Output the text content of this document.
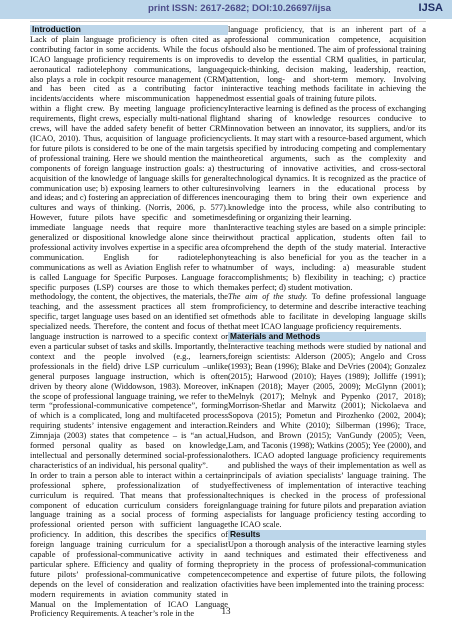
print ISSN: 2617-2682; DOI:10.26697/ijsa	IJSA
Introduction

Lack of plain language proficiency is often cited as a contributing factor in some accidents. While the focus of ICAO language proficiency requirements is on improved aeronautical radiotelephony communications, language also plays a role in cockpit resource management (CRM) and has been cited as a contributing factor in incidents/accidents where miscommunication happened within a flight crew. By meeting language proficiency requirements, flight crews, especially multi-national flight crews, will have the added safety benefit of better CRM (ICAO, 2010). Thus, acquisition of language proficiency for future pilots is considered to be one of the main targets of professional training. Here we should mention the main components of foreign language instruction goals: a) the acquisition of the knowledge of language skills for general communication use; b) exposing learners to other cultures and ideas; and c) fostering an appreciation of differences in cultures and ways of thinking. (Norris, 2006, p. 577). However, future pilots have specific and sometimes immediate language needs that require more than generalized or dispositional knowledge alone since their professional activity involves expertise in a specific area of communication. English for radiotelephony communications as well as Aviation English refer to what is called Language for Specific Purposes. Language for specific purposes (LSP) courses are those to which the methodology, the content, the objectives, the materials, the teaching, and the assessment practices all stem from specific, target language uses based on an identified set of specialized needs. Therefore, the content and focus of the language instruction is narrowed to a specific context or even a particular subset of tasks and skills. Importantly, the context and the people involved (e.g., learners, professionals in the field) drive LSP curriculum –unlike general purposes language instruction, which is often driven by theory alone (Widdowson, 1983). Moreover, in the scope of professional language training, we refer to the term “professional-communicative competence”, forming of which is a complicated, long and multifaceted process requiring students’ intensive engagement and interaction. Zimnjaja (2003) states that competence – is “an actual, formed personal quality as based on knowledge, intellectual and personally determined social-professional characteristics of an individual, his personal quality”.

In order to train a person able to interact within a certain professional sphere, professionalization of study curriculum is required. That means that professional component of education curriculum considers foreign language training as a social process of forming a professional oriented person with sufficient language proficiency. In addition, this describes the specifics of foreign language training curriculum for a specialist capable of professional-communicative activity in a particular sphere. Efficiency and quality of forming the future pilots’ professional-communicative competence depends on the level of consideration and realization of modern requirements in aviation community stated in Manual on the Implementation of ICAO Language Proficiency Requirements. A teacher’s role in the

language proficiency, that is an inherent part of a professional communication competence, acquisition should also be mentioned. The aim of professional training is to develop the essential CRM qualities, in particular, quick-thinking, decision making, leadership, reaction, attention, long- and short-term memory. Involving interactive teaching methods facilitate in achieving the most essential goals of training future pilots.

Interactive learning is defined as the process of exchanging and sharing of knowledge resources conducive to innovation between an innovator, its suppliers, and/or its clients. It may start with a resource-based argument, which is specified by introducing competing and complementary theoretical arguments, such as the complexity and structuring of innovative activities, and cross-sectoral technological dynamics. It is recognized as the practice of involving learners in the educational process by encouraging them to bring their own experience and knowledge into the process, while also contributing to defining or organizing their learning.

Interactive teaching styles are based on a simple principle: without practical application, students often fail to comprehend the depth of the study material. Interactive teaching is also beneficial for you as the teacher in a number of ways, including: a) measurable student accomplishments; b) flexibility in teaching; c) practice makes perfect; d) student motivation.

The aim of the study. To define professional language proficiency, to determine and describe interactive teaching methods able to facilitate in developing language skills that meet ICAO language proficiency requirements.

Materials and Methods

Interactive teaching methods were studied by national and foreign scientists: Alderson (2005); Angelo and Cross (1993); Bean (1996); Blake and DeVries (2004); Gonzalez (2015); Harwood (2010); Hayes (1989); Jolliffe (1991); Knapen (2018); Mayer (2005, 2009); McGlynn (2001); Melnyk (2017); Melnyk and Pypenko (2017, 2018); Morrison-Shetlar and Marwitz (2001); Nickolaeva and Sopova (2015); Pometun and Pirozhenko (2002, 2004); Reinders and White (2010); Silberman (1996); Trace, Hudson, and Brown (2015); VanGundy (2005); Veen, Lam, and Taconis (1998); Watkins (2005); Yee (2000), and others. ICAO adopted language proficiency requirements and published the ways of their implementation as well as principals of aviation specialists’ language training. The effectiveness of implementation of interactive teaching techniques is checked in the process of professional language training for future pilots and preparation aviation specialists for language proficiency testing according to the ICAO scale.

Results

Upon a thorough analysis of the interactive learning styles and techniques and estimated their effectiveness and propriety in the process of professional-communication competence and expertise of future pilots, the following activities have been implemented into the training process:

13
